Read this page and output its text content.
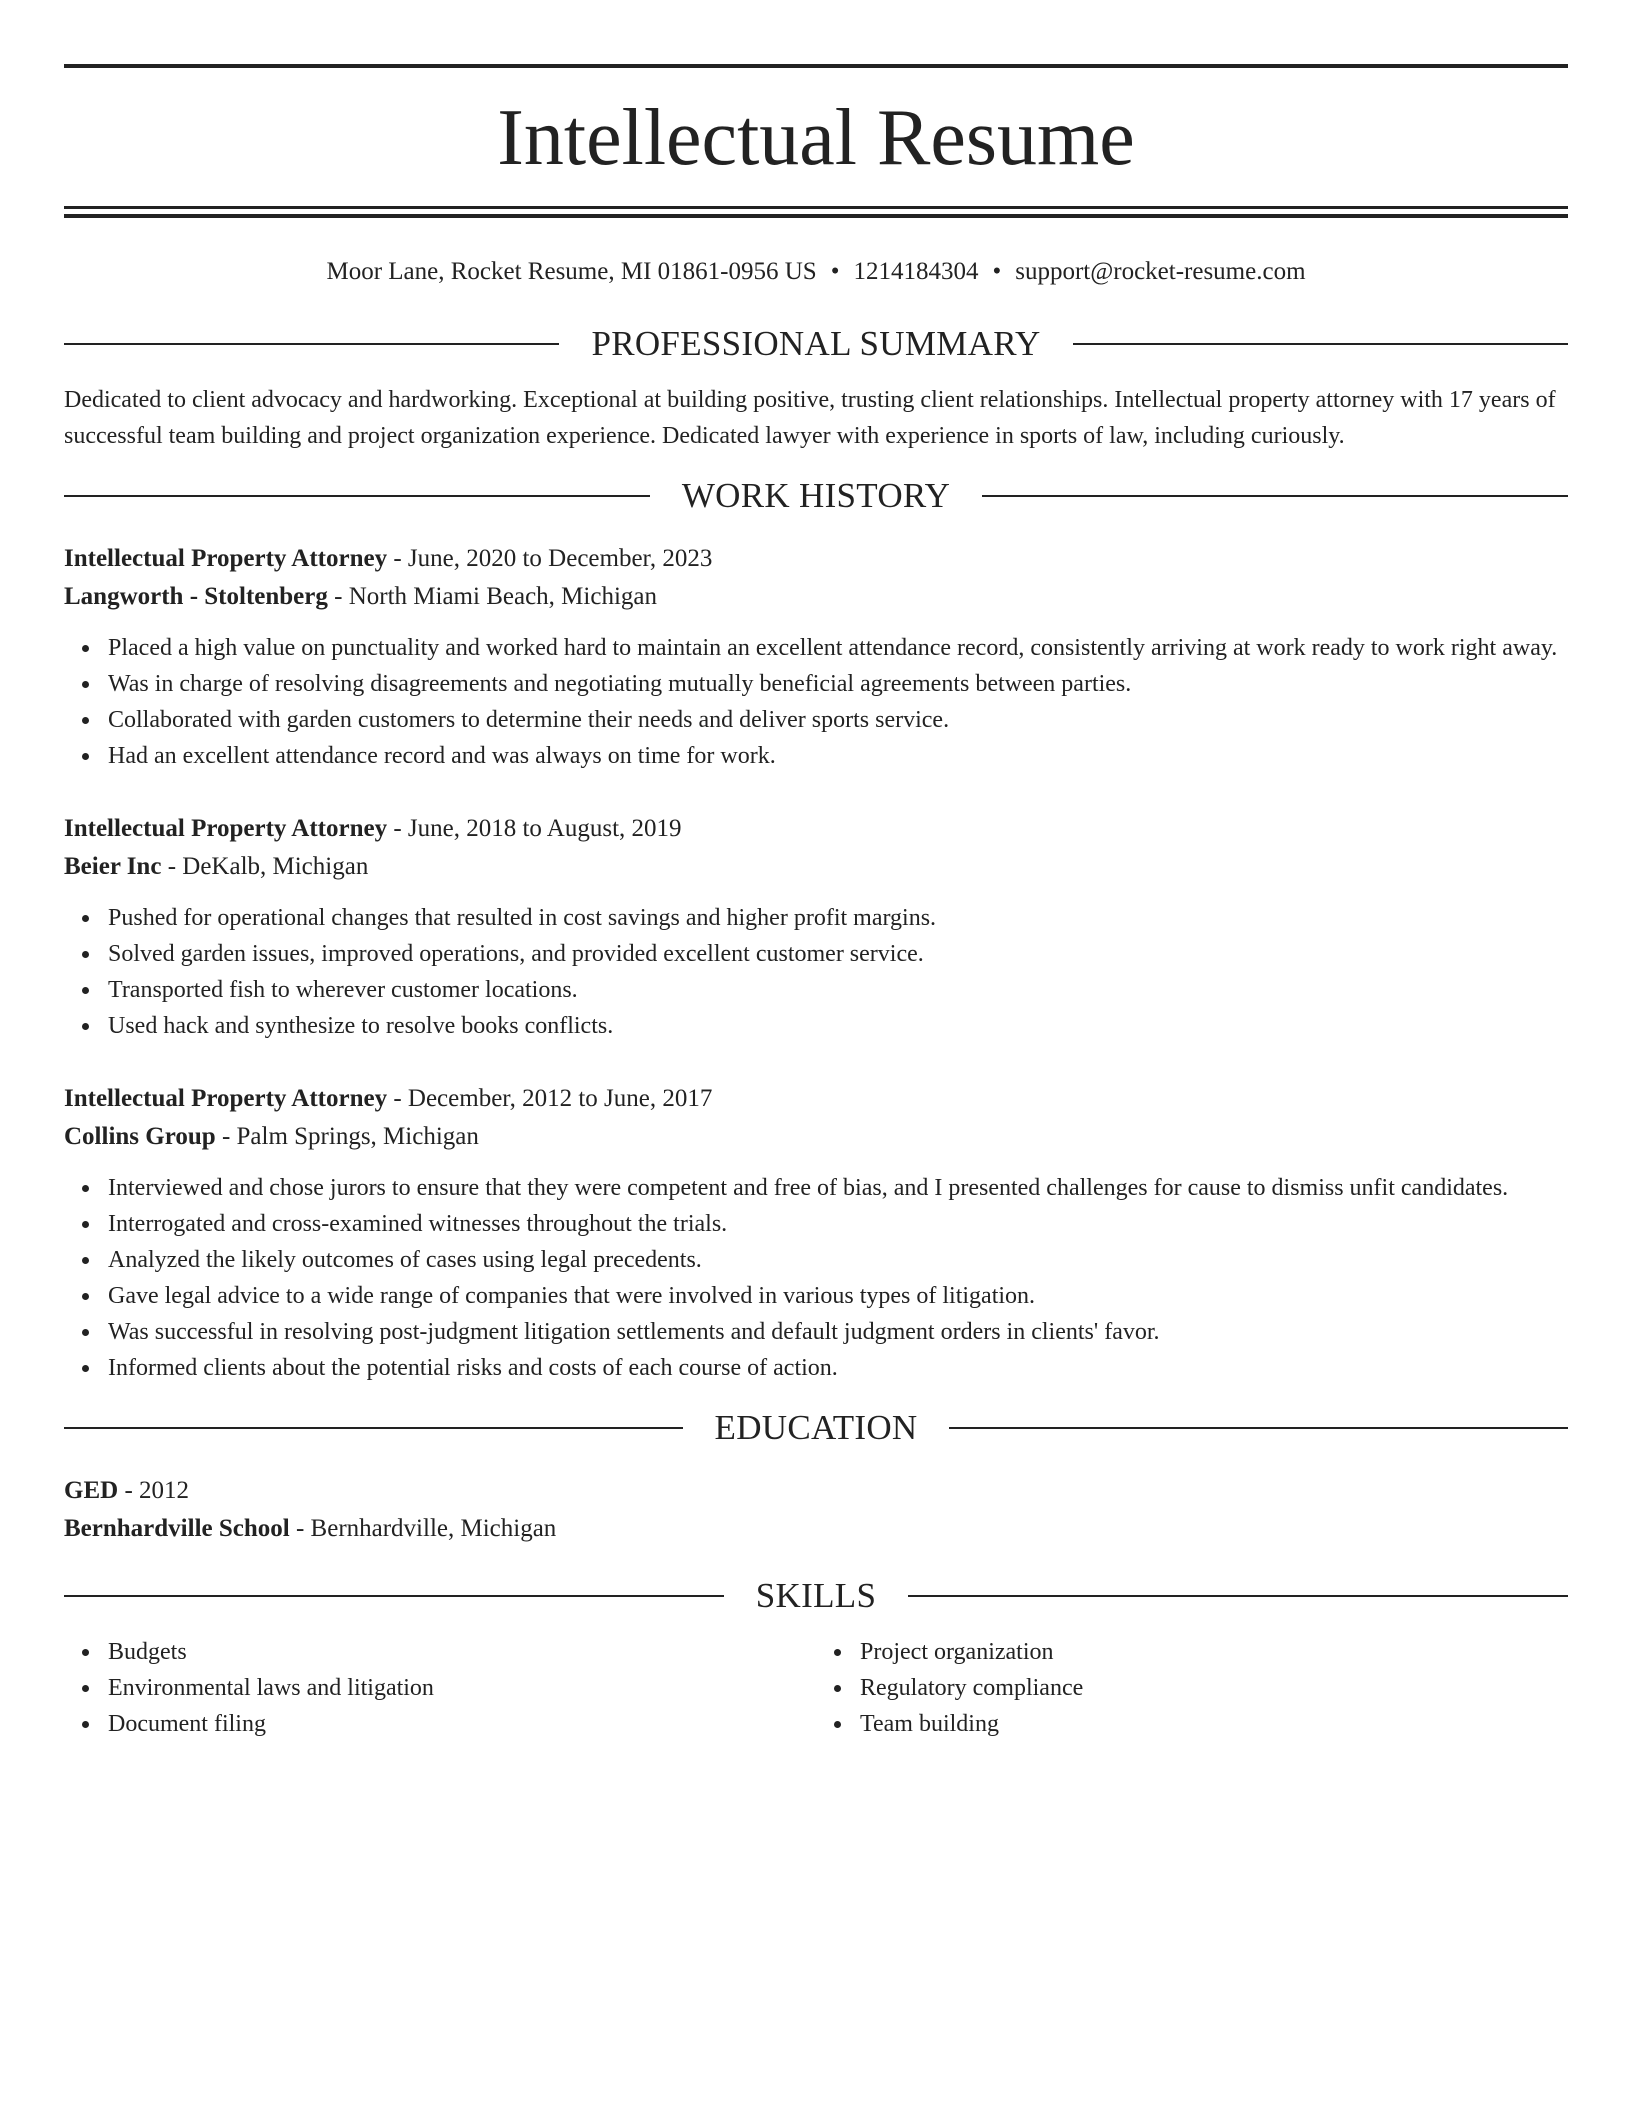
Intellectual Resume
Moor Lane, Rocket Resume, MI 01861-0956 US • 1214184304 • support@rocket-resume.com
PROFESSIONAL SUMMARY

Dedicated to client advocacy and hardworking. Exceptional at building positive, trusting client relationships. Intellectual property attorney with 17 years of successful team building and project organization experience. Dedicated lawyer with experience in sports of law, including curiously.

WORK HISTORY
Intellectual Property Attorney - June, 2020 to December, 2023
Langworth - Stoltenberg - North Miami Beach, Michigan
Placed a high value on punctuality and worked hard to maintain an excellent attendance record, consistently arriving at work ready to work right away.
Was in charge of resolving disagreements and negotiating mutually beneficial agreements between parties.
Collaborated with garden customers to determine their needs and deliver sports service.
Had an excellent attendance record and was always on time for work.
Intellectual Property Attorney - June, 2018 to August, 2019
Beier Inc - DeKalb, Michigan
Pushed for operational changes that resulted in cost savings and higher profit margins.
Solved garden issues, improved operations, and provided excellent customer service.
Transported fish to wherever customer locations.
Used hack and synthesize to resolve books conflicts.
Intellectual Property Attorney - December, 2012 to June, 2017
Collins Group - Palm Springs, Michigan
Interviewed and chose jurors to ensure that they were competent and free of bias, and I presented challenges for cause to dismiss unfit candidates.
Interrogated and cross-examined witnesses throughout the trials.
Analyzed the likely outcomes of cases using legal precedents.
Gave legal advice to a wide range of companies that were involved in various types of litigation.
Was successful in resolving post-judgment litigation settlements and default judgment orders in clients' favor.
Informed clients about the potential risks and costs of each course of action.
EDUCATION
GED - 2012
Bernhardville School - Bernhardville, Michigan
SKILLS
Budgets
Environmental laws and litigation
Document filing
Project organization
Regulatory compliance
Team building
